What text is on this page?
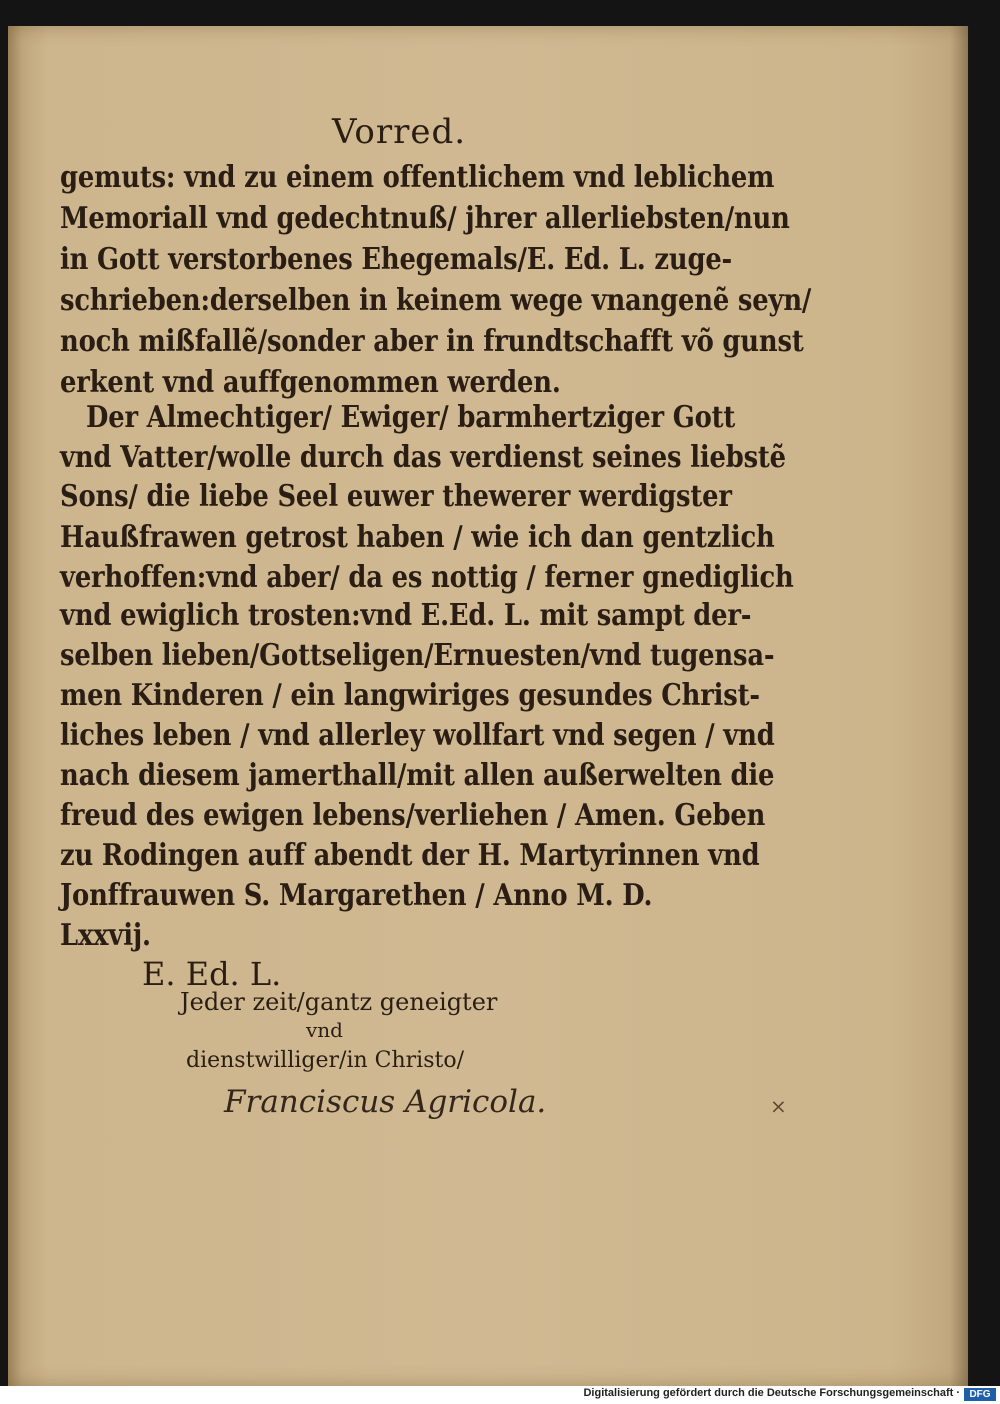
Vorred.
gemuts: vnd zu einem offentlichem vnd leblichem
Memoriall vnd gedechtnuß/ jhrer allerliebsten/nun
in Gott verstorbenes Ehegemals/E. Ed. L. zuge-
schrieben:derselben in keinem wege vnangenẽ seyn/
noch mißfallẽ/sonder aber in frundtschafft võ gunst
erkent vnd auffgenommen werden.
Der Almechtiger/ Ewiger/ barmhertziger Gott
vnd Vatter/wolle durch das verdienst seines liebstẽ
Sons/ die liebe Seel euwer thewerer werdigster
Haußfrawen getrost haben / wie ich dan gentzlich
verhoffen:vnd aber/ da es nottig / ferner gnediglich
vnd ewiglich trosten:vnd E.Ed. L. mit sampt der-
selben lieben/Gottseligen/Ernuesten/vnd tugensa-
men Kinderen / ein langwiriges gesundes Christ-
liches leben / vnd allerley wollfart vnd segen / vnd
nach diesem jamerthall/mit allen außerwelten die
freud des ewigen lebens/verliehen / Amen. Geben
zu Rodingen auff abendt der H. Martyrinnen vnd
Jonffrauwen S. Margarethen / Anno M. D.
Lxxvij.
E. Ed. L.
Jeder zeit/gantz geneigter
vnd
dienstwilliger/in Christo/
Franciscus Agricola.	×
Digitalisierung gefördert durch die Deutsche Forschungsgemeinschaft · DFG
